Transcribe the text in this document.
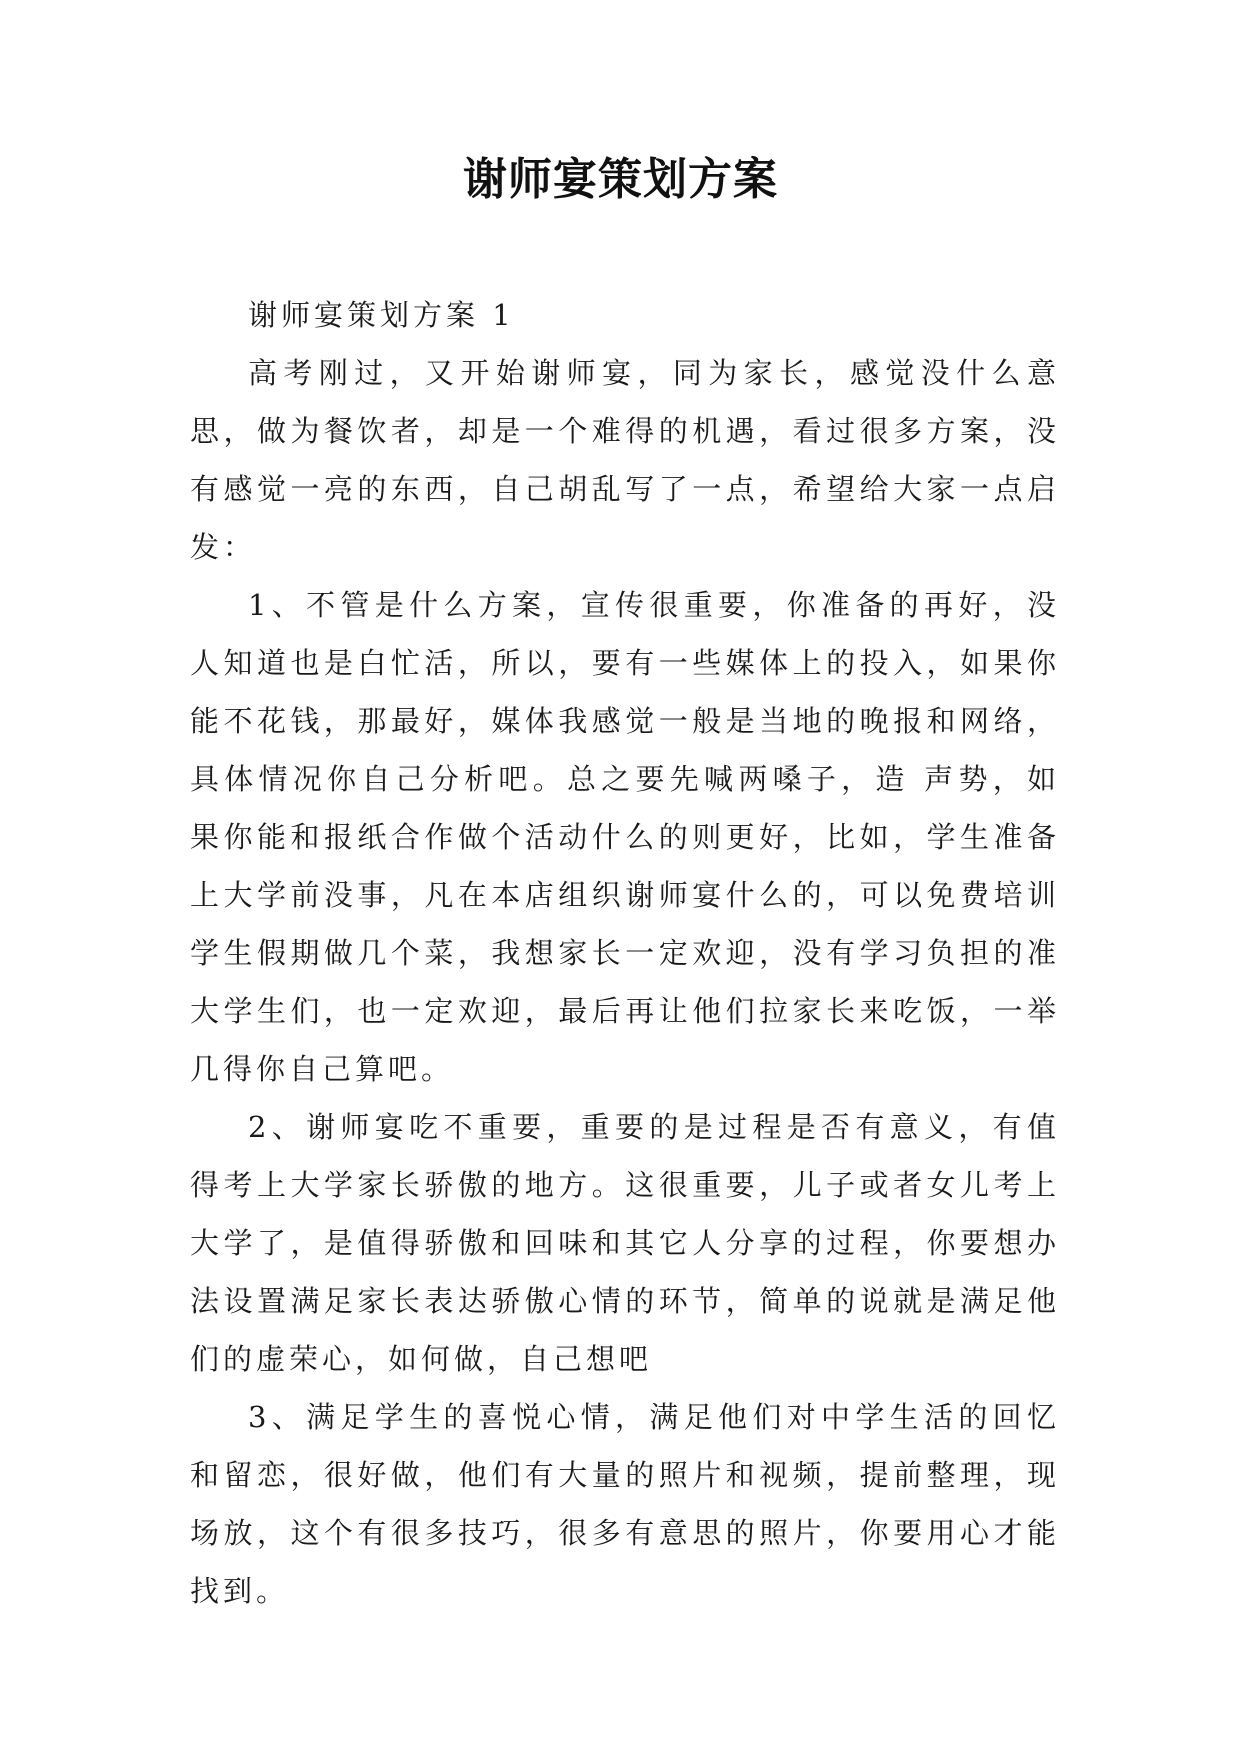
谢师宴策划方案

谢师宴策划方案 1

高考刚过，又开始谢师宴，同为家长，感觉没什么意思，做为餐饮者，却是一个难得的机遇，看过很多方案，没有感觉一亮的东西，自己胡乱写了一点，希望给大家一点启发：

1、不管是什么方案，宣传很重要，你准备的再好，没人知道也是白忙活，所以，要有一些媒体上的投入，如果你能不花钱，那最好，媒体我感觉一般是当地的晚报和网络，具体情况你自己分析吧。总之要先喊两嗓子，造 声势，如果你能和报纸合作做个活动什么的则更好，比如，学生准备上大学前没事，凡在本店组织谢师宴什么的，可以免费培训学生假期做几个菜，我想家长一定欢迎，没有学习负担的准大学生们，也一定欢迎，最后再让他们拉家长来吃饭，一举几得你自己算吧。

2、谢师宴吃不重要，重要的是过程是否有意义，有值得考上大学家长骄傲的地方。这很重要，儿子或者女儿考上大学了，是值得骄傲和回味和其它人分享的过程，你要想办法设置满足家长表达骄傲心情的环节，简单的说就是满足他们的虚荣心，如何做，自己想吧

3、满足学生的喜悦心情，满足他们对中学生活的回忆和留恋，很好做，他们有大量的照片和视频，提前整理，现场放，这个有很多技巧，很多有意思的照片，你要用心才能找到。
